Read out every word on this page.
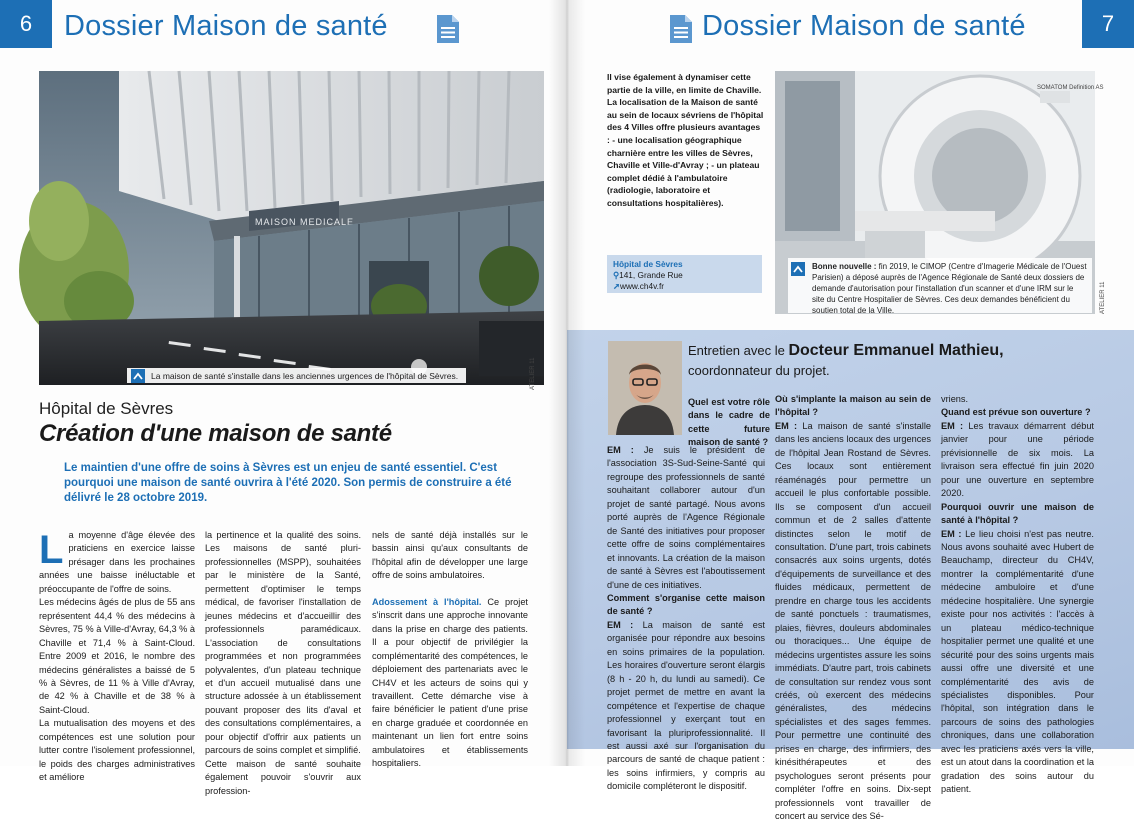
6	Dossier Maison de santé
MAISON MEDICALE
La maison de santé s'installe dans les anciennes urgences de l'hôpital de Sèvres.	ATELIER 11
Hôpital de Sèvres
Création d'une maison de santé
Le maintien d'une offre de soins à Sèvres est un enjeu de santé essentiel. C'est pourquoi une maison de santé ouvrira à l'été 2020. Son permis de construire a été délivré le 28 octobre 2019.

L a moyenne d'âge élevée des praticiens en exercice laisse présager dans les prochaines années une baisse inéluctable et préoccupante de l'offre de soins.

Les médecins âgés de plus de 55 ans représentent 44,4 % des médecins à Sèvres, 75 % à Ville-d'Avray, 64,3 % à Chaville et 71,4 % à Saint-Cloud. Entre 2009 et 2016, le nombre des médecins généralistes a baissé de 5 % à Sèvres, de 11 % à Ville d'Avray, de 42 % à Chaville et de 38 % à Saint-Cloud.

La mutualisation des moyens et des compétences est une solution pour lutter contre l'isolement professionnel, le poids des charges administratives et améliore

la pertinence et la qualité des soins. Les maisons de santé pluri-professionnelles (MSPP), souhaitées par le ministère de la Santé, permettent d'optimiser le temps médical, de favoriser l'installation de jeunes médecins et d'accueillir des professionnels paramédicaux. L'association de consultations programmées et non programmées polyvalentes, d'un plateau technique et d'un accueil mutualisé dans une structure adossée à un établissement pouvant proposer des lits d'aval et des consultations complémentaires, a pour objectif d'offrir aux patients un parcours de soins complet et simplifié.

Cette maison de santé souhaite également pouvoir s'ouvrir aux profession-

nels de santé déjà installés sur le bassin ainsi qu'aux consultants de l'hôpital afin de développer une large offre de soins ambulatoires.

Adossement à l'hôpital. Ce projet s'inscrit dans une approche innovante dans la prise en charge des patients. Il a pour objectif de privilégier la complémentarité des compétences, le déploiement des partenariats avec le CH4V et les acteurs de soins qui y travaillent. Cette démarche vise à faire bénéficier le patient d'une prise en charge graduée et coordonnée en maintenant un lien fort entre soins ambulatoires et établissements hospitaliers.

7
Dossier Maison de santé
Il vise également à dynamiser cette partie de la ville, en limite de Chaville. La localisation de la Maison de santé au sein de locaux sévriens de l'hôpital des 4 Villes offre plusieurs avantages : - une localisation géographique charnière entre les villes de Sèvres, Chaville et Ville-d'Avray ; - un plateau complet dédié à l'ambulatoire (radiologie, laboratoire et consultations hospitalières).
Hôpital de Sèvres
⚲141, Grande Rue
➚www.ch4v.fr
SOMATOM Definition AS
Bonne nouvelle : fin 2019, le CIMOP (Centre d'Imagerie Médicale de l'Ouest Parisien) a déposé auprès de l'Agence Régionale de Santé deux dossiers de demande d'autorisation pour l'installation d'un scanner et d'une IRM sur le site du Centre Hospitalier de Sèvres. Ces deux demandes bénéficient du soutien total de la Ville.	ATELIER 11
Entretien avec le Docteur Emmanuel Mathieu,
coordonnateur du projet.
Quel est votre rôle dans le cadre de cette future maison de santé ?

EM : Je suis le président de l'association 3S-Sud-Seine-Santé qui regroupe des professionnels de santé souhaitant collaborer autour d'un projet de santé partagé. Nous avons porté auprès de l'Agence Régionale de Santé des initiatives pour proposer cette offre de soins complémentaires et innovants. La création de la maison de santé à Sèvres est l'aboutissement d'une de ces initiatives.

Comment s'organise cette maison de santé ?

EM : La maison de santé est organisée pour répondre aux besoins en soins primaires de la population. Les horaires d'ouverture seront élargis (8 h - 20 h, du lundi au samedi). Ce projet permet de mettre en avant la compétence et l'expertise de chaque professionnel y exerçant tout en favorisant la pluriprofessionnalité. Il est aussi axé sur l'organisation du parcours de santé de chaque patient : les soins infirmiers, y compris au domicile compléteront le dispositif.

Où s'implante la maison au sein de l'hôpital ?

EM : La maison de santé s'installe dans les anciens locaux des urgences de l'hôpital Jean Rostand de Sèvres. Ces locaux sont entièrement réaménagés pour permettre un accueil le plus confortable possible. Ils se composent d'un accueil commun et de 2 salles d'attente distinctes selon le motif de consultation. D'une part, trois cabinets consacrés aux soins urgents, dotés d'équipements de surveillance et des fluides médicaux, permettent de prendre en charge tous les accidents de santé ponctuels : traumatismes, plaies, fièvres, douleurs abdominales ou thoraciques... Une équipe de médecins urgentistes assure les soins immédiats. D'autre part, trois cabinets de consultation sur rendez vous sont créés, où exercent des médecins généralistes, des médecins spécialistes et des sages femmes. Pour permettre une continuité des prises en charge, des infirmiers, des kinésithérapeutes et des psychologues seront présents pour compléter l'offre en soins. Dix-sept professionnels vont travailler de concert au service des Sé-

vriens.

Quand est prévue son ouverture ?

EM : Les travaux démarrent début janvier pour une période prévisionnelle de six mois. La livraison sera effectué fin juin 2020 pour une ouverture en septembre 2020.

Pourquoi ouvrir une maison de santé à l'hôpital ?

EM : Le lieu choisi n'est pas neutre. Nous avons souhaité avec Hubert de Beauchamp, directeur du CH4V, montrer la complémentarité d'une médecine ambuloire et d'une médecine hospitalière. Une synergie existe pour nos activités : l'accès à un plateau médico-technique hospitalier permet une qualité et une sécurité pour des soins urgents mais aussi offre une diversité et une complémentarité des avis de spécialistes disponibles. Pour l'hôpital, son intégration dans le parcours de soins des pathologies chroniques, dans une collaboration avec les praticiens axés vers la ville, est un atout dans la coordination et la gradation des soins autour du patient.
